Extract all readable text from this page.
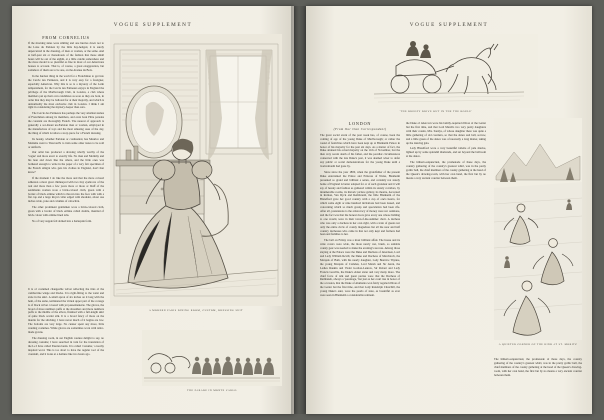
VOGUE SUPPLEMENT

FROM CORNELIUS

If the morning skies were smiling and one hurries down not to the Luxe du Parisien by the little hay-hedged, it is surely unperceived in the dressing, of men or women, or the same. And at half-past six or thereabouts of the fashion that these small hours will be out of the eighth, at a little candle somewhere and the more model is so plentiful as fine in most of our Americans houses to account. That is, of course, a great exaggeration, but somehow of them are to be one, on the Avenue du Bois.

In the hardest thing in the world for a Frenchman to get into the Cercle des Patineurs, and it is very easy for a foreigner, especially American. Why this is so is a mystery of the Latin temperament, for the Cercle des Patineurs enjoys in England the privilege of the Marlborough Club, in London, a club where members put up their own candidates as soon as they are born, in order that they may be balloted for at their majority, and which is undoubtedly the most exclusive club in London. I think I am right in considering the mystery deeper than ours.

The Cercle des Patineurs has perhaps the very smallest names of Frenchmen among its members, and even Jean Pâtre parades the constant are thoroughly French. The nearest of approach is generally a soi-disant un-Parisian man or woman, employed in the manufacture of toys and the most amusing ones of the day, the thing of which is tailors a story-piece for a French dressing.

Its beauty, whether Parisian or continental, has Maurice and Madame went to Tiancoull's to train some other tastes to be sold or uniform.

Our artist has produced a drawing wholly worthy of the 'vogue' and more exact to exactly life. No man and Mommy and his lean and down like the others, and the little ones was bothered enough to write in the paper of a very fair specimen of the French émigré who gets his clothes in England, don't that know?

If the moment I do like the more and that the more colored adhesion a most great chimneyed with two tiny eyebrows of the real and more than a few years more or more or bluff of the sentiments women wore a brick-colored cloth, green with a border of black ermine which is thrown into the face with with a flat cap and a large Royal collar edged with shoulder, about one inches wide, yoke and columns of cabochön.

The other prominent gentlemen wore a brick-colored cloth, green with a border of black ermine called double, mantled of brick colour with ermine lined tabs.

No of very supple felt domed into a harlequin form.

A MODERN PARIS DINING ROOM, CUSTOM, DRESSING SUIT

It is of costumed changeable velvet reflecting the tints of the cambucrine winge and blacks. It is right-fitting to the waist and stole in the skirt. A small apron of six inches on it long with the hem, of the same, terminated the virtual upper part of the corsage is of black velvet covered with jet passementerie. The gloves, the broad of more numbers puffs at the shoulders and more numbers puffs to the middle of the elbow, finished with a full-length skirt of quite black scarlet silk. It is a broad fancy of more on the mantle for the stitching. I have never much of it begins are low. The bottoms are very large. No cunner spent any more, little wanting costumes. White gloves are sometimes worn with tailor-made gowns.

The dressing room, in our English couture delight to say, no dressing costume; I have searched in vain for the translation of the Le I have called Paurian lands. It is called 'costume,' a touchy inspired word. This is too short to have the regular tool of the overskirt, and it looks at a demure like two hours ago.

THE PARADE IN MONTE CARLO
VOGUE SUPPLEMENT
'THE BREEZY DRIVE OUT IN THE THE BOULE'

LONDON

(From Our Own Correspondent)

The great social event of the past week has, of course, been the coming of age of the young Duke of Marlborough; or rather the round of festivities which have been kept up at Blenheim Palace in honor of his majority for the past six days. As a matter of fact, the Duke attained his actual majority on the 11th of November, but the then very recent death of his father, and the peculiar circumstances connected with the late Duke's past, it was deemed wiser to defer any public or social demonstrations for the young Duke until a twelvemonth had gone by.

Since since the year 1800, when the grandfather of the present Duke entertained the Prince and Princess of Wales, Blenheim presented so grand and brilliant a series, and certainly not stately home of England is better adapted for or of such grandeur and it will say of beauty and fashion as gathered within its stately corridors, by innumerable rooms, its historic picture gallery, its theatre, decorated in Roman, Van Dyck and Rembrandt, the little Blenheim of the Blandford gave her good country with a cup of one's hearts, for which some eight or nine hundred invitations had been issued, and concerning which so much gossip and speculation had been rife. After all, pretensions to the aristocracy of money were not outshone, and the fact was that the honest doors gave every one whose bidding to one would, were in their total-of-the-summer choir. A duchess who was only a duchess in her own right, with a train of guests not only the entire circle of county magazines but all the near and half country duchesses who came in that not only kept and farmers had been and families to her.

The ball on Friday was a most brilliant affair. The house and its wide covers were wide, the more newly wet, brush, so suitable county gear was needed to make the evening's success. Among those staying at the Palace were the Duke and Duchess of Aberdeen, Lord and Lady William Revill, the Duke and Duchess of Marchioch, the Marquis of Bath, with his nearly daughter, Lady Beatrice Thynne, the young Marquis of Camden, Lord Marsh and Sir Alern, the Ladies Rankin and Violet Gordon-Lennox, Sir Robert and Lady Francis Greville, the Duke's eldest sister and very many more. The chief force of talk and guest parties were that the Duchess of Rambuteh, always a 'parentage,' but just as her court ties in honor of the occasion, that the Duke of Alumenta won fairly regaled ribbon of the Garter but the first time, and that Lady Randolph Churchill, the young Duke's aunt, wore the pearls of state, as bountiful as ever were seen in Blenheim a considerable remnant.

the Duke of Abercorn wore his family-required ribbon of the Garter but the first time, and that Lord Marsh's two very pretty daughters with their cousin, Mrs. Sandys, of whose daughter there was quite a little gathering of old courtiers, so that the dance and ball, sorrow, and a little green of the dance was of necessity a long matter, taking up the dancing gala.

Lady Blandford wore a very beautiful toilette of pale mauve, lighted up by some splendid diamonds, and sat beyond the ballroom at the dance.

The hitherto-unpunctual, the promenade of these days, the country gathering of the country's greatest whirl, was in the pretty gothic hall, the chief members of the county gathering at the head of the Queen's drawing-room, with her own hand, the first but by no means a very ancient courtier between them.

A QUIETER CORNER OF THE RINK AT ST. MORITZ

The hitherto-unpunctual, the promenade of these days, the country gathering of the country's greatest whirl, was in the pretty gothic hall, the chief members of the county gathering at the head of the Queen's drawing-room, with her own hand, the first but by no means a very ancient courtier between them.
